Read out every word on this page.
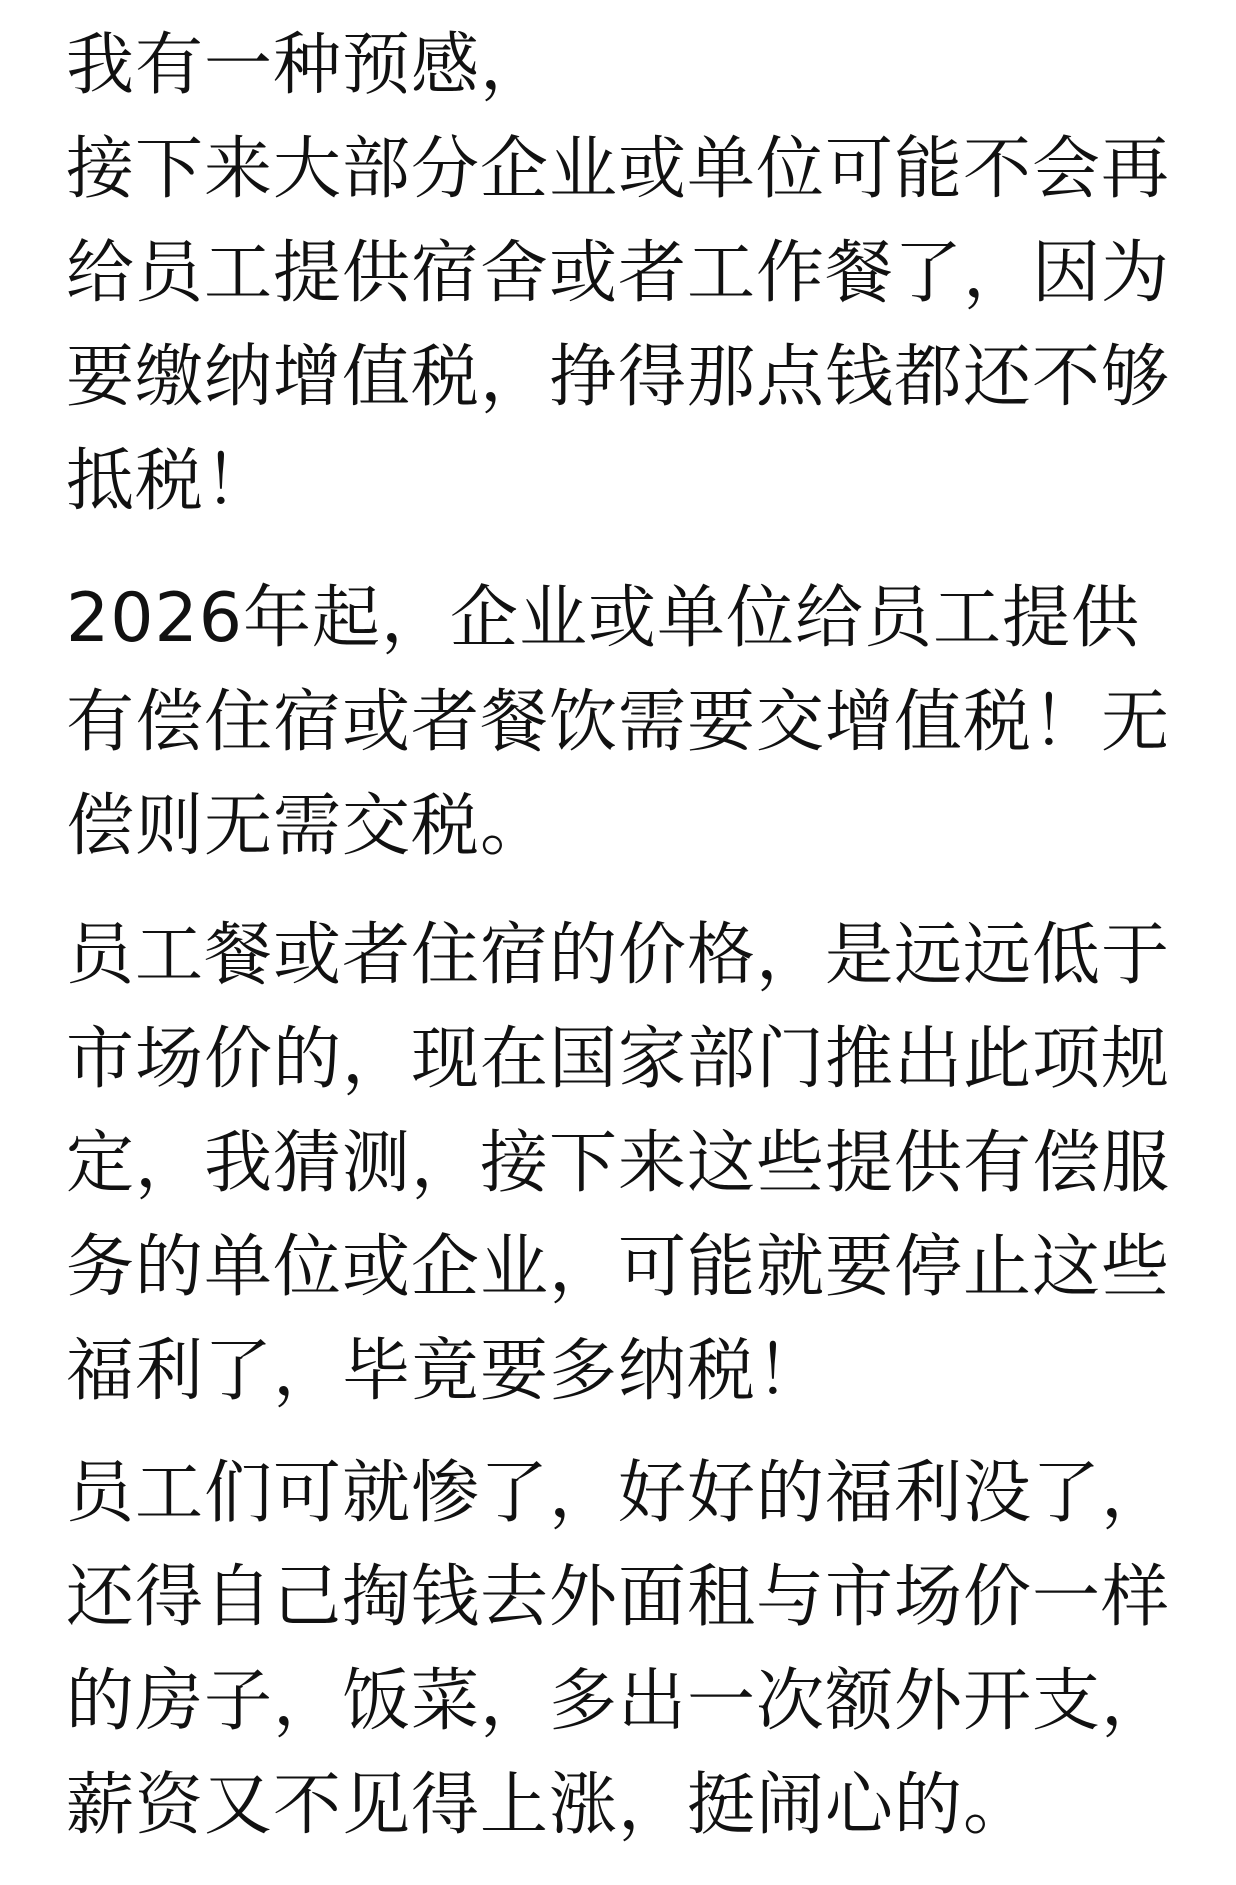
我有一种预感，
接下来大部分企业或单位可能不会再
给员工提供宿舍或者工作餐了，因为
要缴纳增值税，挣得那点钱都还不够
抵税！

2026年起，企业或单位给员工提供
有偿住宿或者餐饮需要交增值税！无
偿则无需交税。

员工餐或者住宿的价格，是远远低于
市场价的，现在国家部门推出此项规
定，我猜测，接下来这些提供有偿服
务的单位或企业，可能就要停止这些
福利了，毕竟要多纳税！

员工们可就惨了，好好的福利没了，
还得自己掏钱去外面租与市场价一样
的房子，饭菜，多出一次额外开支，
薪资又不见得上涨，挺闹心的。
